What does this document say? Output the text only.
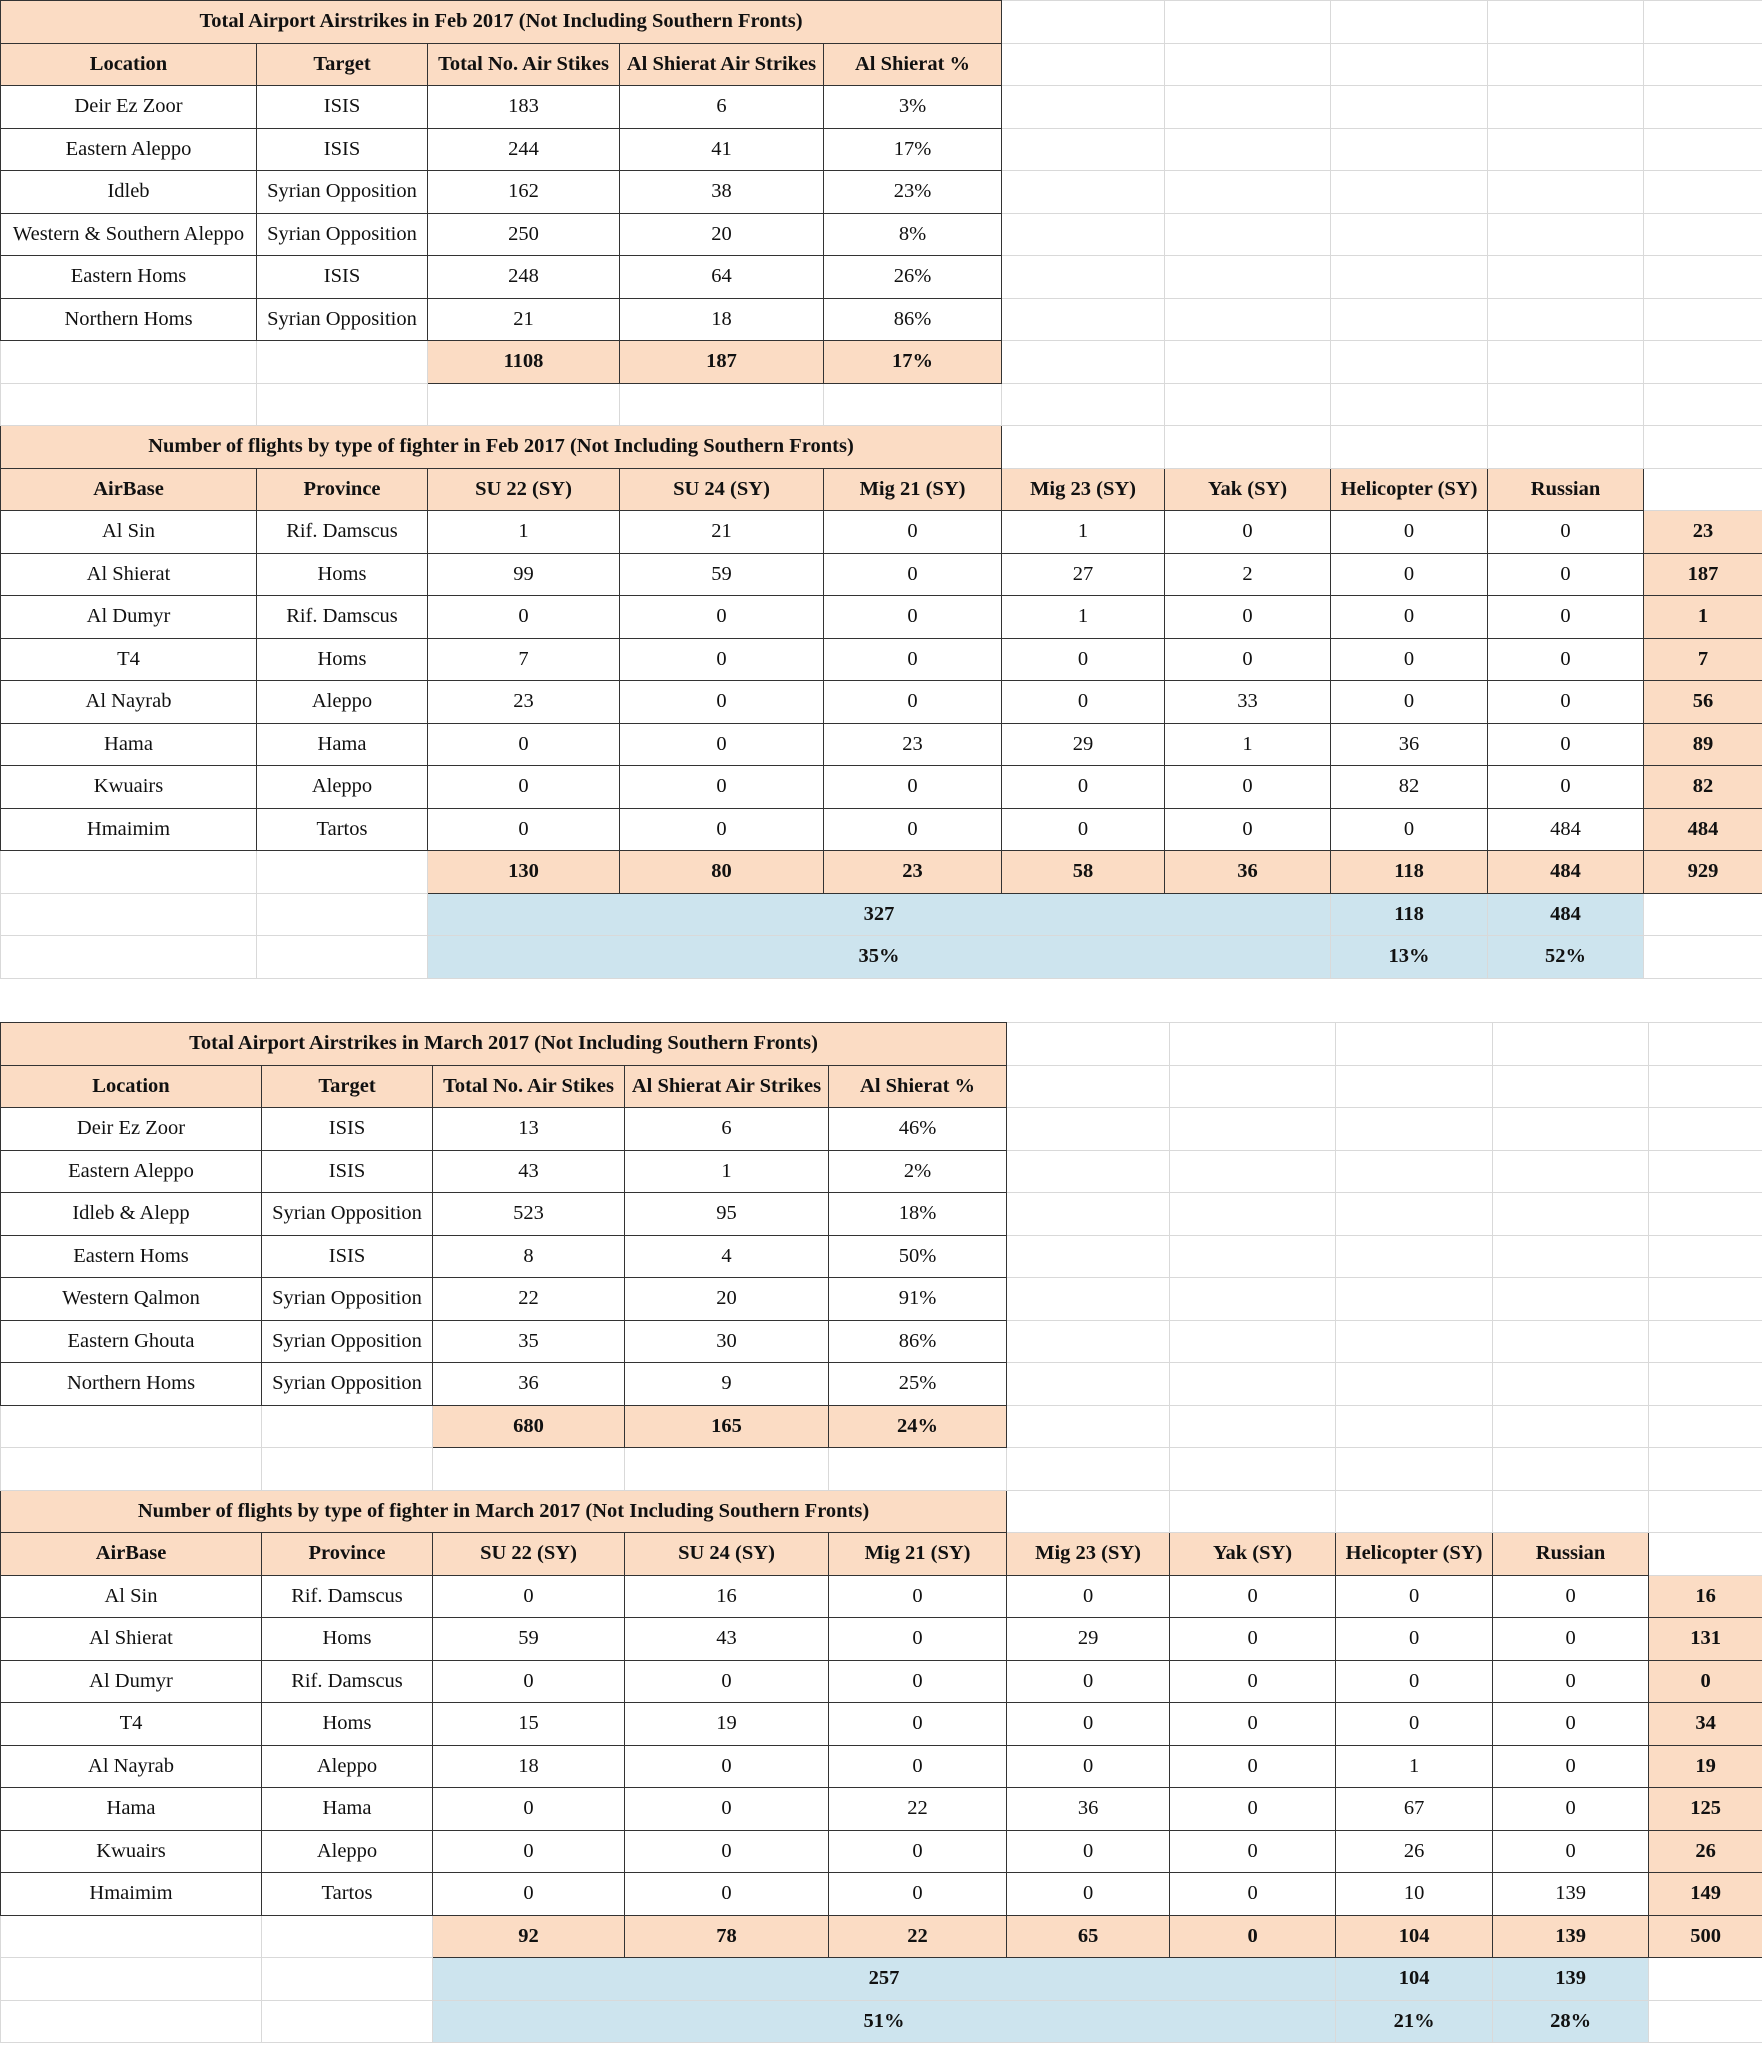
Total Airport Airstrikes in Feb 2017 (Not Including Southern Fronts)									
Location	Target	Total No. Air Stikes	Al Shierat Air Strikes	Al Shierat %					
Deir Ez Zoor	ISIS	183	6	3%					
Eastern Aleppo	ISIS	244	41	17%					
Idleb	Syrian Opposition	162	38	23%					
Western & Southern Aleppo	Syrian Opposition	250	20	8%					
Eastern Homs	ISIS	248	64	26%					
Northern Homs	Syrian Opposition	21	18	86%					
		1108	187	17%					

Number of flights by type of fighter in Feb 2017 (Not Including Southern Fronts)									
AirBase	Province	SU 22 (SY)	SU 24 (SY)	Mig 21 (SY)	Mig 23 (SY)	Yak (SY)	Helicopter (SY)	Russian	
Al Sin	Rif. Damscus	1	21	0	1	0	0	0	23
Al Shierat	Homs	99	59	0	27	2	0	0	187
Al Dumyr	Rif. Damscus	0	0	0	1	0	0	0	1
T4	Homs	7	0	0	0	0	0	0	7
Al Nayrab	Aleppo	23	0	0	0	33	0	0	56
Hama	Hama	0	0	23	29	1	36	0	89
Kwuairs	Aleppo	0	0	0	0	0	82	0	82
Hmaimim	Tartos	0	0	0	0	0	0	484	484
		130	80	23	58	36	118	484	929
		327					118	484	
		35%					13%	52%	
Total Airport Airstrikes in March 2017 (Not Including Southern Fronts)									
Location	Target	Total No. Air Stikes	Al Shierat Air Strikes	Al Shierat %					
Deir Ez Zoor	ISIS	13	6	46%					
Eastern Aleppo	ISIS	43	1	2%					
Idleb & Alepp	Syrian Opposition	523	95	18%					
Eastern Homs	ISIS	8	4	50%					
Western Qalmon	Syrian Opposition	22	20	91%					
Eastern Ghouta	Syrian Opposition	35	30	86%					
Northern Homs	Syrian Opposition	36	9	25%					
		680	165	24%					

Number of flights by type of fighter in March 2017 (Not Including Southern Fronts)									
AirBase	Province	SU 22 (SY)	SU 24 (SY)	Mig 21 (SY)	Mig 23 (SY)	Yak (SY)	Helicopter (SY)	Russian	
Al Sin	Rif. Damscus	0	16	0	0	0	0	0	16
Al Shierat	Homs	59	43	0	29	0	0	0	131
Al Dumyr	Rif. Damscus	0	0	0	0	0	0	0	0
T4	Homs	15	19	0	0	0	0	0	34
Al Nayrab	Aleppo	18	0	0	0	0	1	0	19
Hama	Hama	0	0	22	36	0	67	0	125
Kwuairs	Aleppo	0	0	0	0	0	26	0	26
Hmaimim	Tartos	0	0	0	0	0	10	139	149
		92	78	22	65	0	104	139	500
		257					104	139	
		51%					21%	28%	
